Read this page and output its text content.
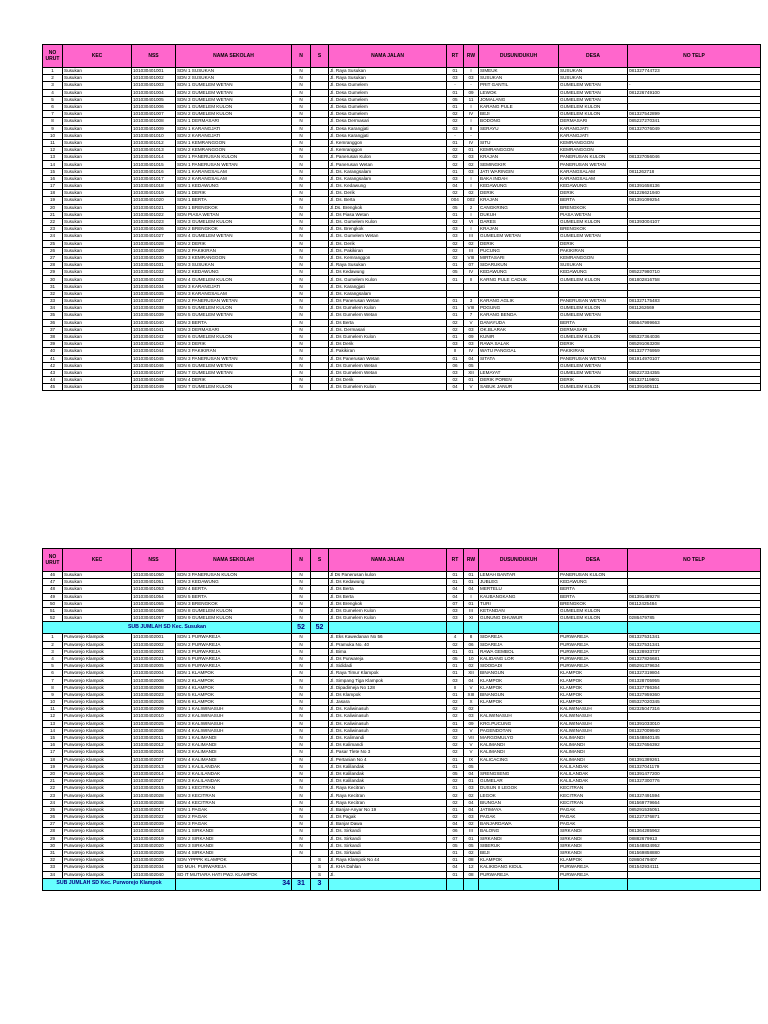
NO URUT	KEC	NSS	NAMA SEKOLAH	N	S	NAMA JALAN	RT	RW	DUSUN/DUKUH	DESA	NO TELP
1	Susukan	101030401001	SDN 1 SUSUKAN	N		Jl. Raya Susukan	01	I	SIMEUK	SUSUKAN	081327744723
2	Susukan	101030401002	SDN 2 SUSUKAN	N		Jl. Raya Susukan	03	03	SUSUKAN	SUSUKAN	
3	Susukan	101030401003	SDN 1 GUMELEM WETAN	N		Jl. Desa Gumelem	-	-	PRIT GANTIL	GUMELEM WETAN	-
4	Susukan	101030401004	SDN 2 GUMELEM WETAN	N		Jl. Desa Gumelem	01	09	LEWOK	GUMELEM WETAN	081226749100
5	Susukan	101030401005	SDN 3 GUMELEM WETAN	N		Jl. Desa Gumelem	05	11	JOMALANG	GUMELEM WETAN	
6	Susukan	101030401006	SDN 1 GUMELEM KULON	N		Jl. Desa Gumelem	01	I	KARANG PULE	GUMELEM KULON	
7	Susukan	101030401007	SDN 2 GUMELEM KULON	N		Jl. Desa Gumelem	02	IV	BEJI	GUMELEM KULON	081327542899
8	Susukan	101030401008	SDN 1 DERMASARI	N		Jl. Desa Dermasari	02	I	BODONG	DERMASARI	085227270341
9	Susukan	101030401009	SDN 1 KARANGJATI	N		Jl. Desa Karangjati	03	II	SERAYU	KARANGJATI	081327076049
10	Susukan	101030401010	SDN 2 KARANGJATI	N		Jl. Desa Karangjati	-	-		KARANGJATI	
11	Susukan	101030401012	SDN 1 KEMRANGGON	N		Jl. Kemranggon	01	IV	SITU	KEMRANGGON	
12	Susukan	101030401013	SDN 2 KEMRANGGON	N		Jl. Kemranggon	02	01	KEMRANGGON	KEMRANGGON	
13	Susukan	101030401014	SDN 1 PANERUSAN KULON	N		Jl. Panerusan Kulon	02	03	KRAJAN	PANERUSAN KULON	081327056046
14	Susukan	101030401015	SDN 1 PANERUSAN WETAN	N		Jl. Panerusan Wetan	02	02	SEMINGKIR	PANERUSAN WETAN	
15	Susukan	101030401016	SDN 1 KARANGSALAM	N		Jl. Ds. Karangsalam	01	03	JATI WARINGIN	KARANGSALAM	0811262718
16	Susukan	101030401017	SDN 2 KARANGSALAM	N		Jl. Ds. Karangsalam	03	I	BAKA INDAH	KARANGSALAM	
17	Susukan	101030401018	SDN 1 KEDAWUNG	N		Jl. Ds. Kedawung	04	I	KEDAWUNG	KEDAWUNG	081391658136
18	Susukan	101030401019	SDN 1 DERIK	N		Jl. Ds. Derik	02	02	DERIK	DERIK	081226621940
19	Susukan	101030401020	SDN 1 BERTA	N		Jl. Ds. Berta	004	002	KRAJAN	BERTA	081391099254
20	Susukan	101030401021	SDN 1 BRENGKOK	N		Jl.Ds. Brengkok	05	2	CANGKRING	BRENGKOK	
21	Susukan	101030401022	SDN PIASA WETAN	N		Jl. Ds Piasa Wetan	01	I	DUKUH	PIASA WETAN	
22	Susukan	101030401023	SDN 3 GUMELEM KULON	N		Jl. Ds. Gumelem Kulon	02	VI	DARES	GUMELEM KULON	081393004107
23	Susukan	101030401026	SDN 2 BRENGKOK	N		Jl. Ds. Brengkok	03	I	KRAJAN	BRENGKOK	
24	Susukan	101030401027	SDN 4 GUMELEM WETAN	N		Jl. Ds. Gumelem Wetan	03	III	GUMELEM WETAN	GUMELEM WETAN	
25	Susukan	101030401028	SDN 2 DERIK	N		Jl. Ds. Derik	02	02	DERIK	DERIK	
26	Susukan	101030401029	SDN 2 PAKIKIRAN	N		Jl. Ds. Pakikiran	02	III	PUCUNG	PAKIKIRAN	
27	Susukan	101030401030	SDN 3 KEMRANGGON	N		Jl. Ds. Kemranggon	02	VIII	MIRTASARI	KEMRANGGON	
28	Susukan	101030401031	SDN 3 SUSUKAN	N		Jl. Raya Susukan	01	07	SIDARUKUN	SUSUKAN	
29	Susukan	101030401032	SDN 2 KEDAWUNG	N		Jl. Ds Kedawung	05	IV	KEDAWUNG	KEDAWUNG	085227980710
30	Susukan	101030401033	SDN 4 GUMELEM KULON	N		Jl. Ds. Gumelem Kulon	01	II	KARNG PULE CADUK	GUMELEM KULON	081802816758
31	Susukan	101030401034	SDN 3 KARANGJATI	N		Jl. Ds. Karangjati					
32	Susukan	101030401035	SDN 3 KARANGSALAM	N		Jl. Ds. Karangsalam					
33	Susukan	101030401037	SDN 2 PANERUSAN WETAN	N		Jl. Ds Panerusan Wetan	01	3	KARANG AGLIK	PANERUSAN WETAN	081327175483
34	Susukan	101030401038	SDN 5 GUMELEM KULON	N		Jl. Ds Gumelem Kulon	01	VIII	PDGUNG	GUMELEM KULON	0811262669
35	Susukan	101030401039	SDN 5 GUMELEM WETAN	N		Jl. Ds Gumelem Wetan	01	7	KARANG BENDA	GUMELEM WETAN	
36	Susukan	101030401040	SDN 3 BERTA	N		Jl. Ds Berta	02	V	DANAYUDA	BERTA	085647999663
37	Susukan	101030401041	SDN 3 DERMASARI	N		Jl. Ds. Dermasari	02	03	OK.BLARAK	DERMASARI	
38	Susukan	101030401042	SDN 6 GUMELEM KULON	N		Jl. Ds Gumelem Kulon	01	09	KUNIR	GUMELEM KULON	085327364036
39	Susukan	101030401043	SDN 3 DERIK	N		Jl. Ds Derik	03	03	RAWA SALAK	DERIK	085291063208
40	Susukan	101030401044	SDN 3 PAKIKIRAN	N		Jl. Pakikiran	II	IV	WATU PANGGAL	PAKIKIRAN	081327776959
41	Susukan	101030401045	SDN 3 PANERUSAN WETAN	N		Jl. Ds Panerusan Wetan	01	04	SITATA	PANERUSAN WETAN	081914970107
42	Susukan	101030401046	SDN 6 GUMELEM WETAN	N		Jl. Ds Gumelem Wetan	06	05		GUMELEM WETAN	
43	Susukan	101030401047	SDN 7 GUMELEM WETAN	N		Jl. Ds Gumelem Wetan	03	XII	LEMAYAT	GUMELEM WETAN	085227334355
44	Susukan	101030401048	SDN 4 DERIK	N		Jl. Ds Derik	02	01	DERIK POREN	DERIK	081327119801
45	Susukan	101030401049	SDN 7 GUMELEM KULON	N		Jl. Ds Gumelem Kulon	04	V	SABUK JANUR	GUMELEM KULON	081391605111
NO URUT	KEC	NSS	NAMA SEKOLAH	N	S	NAMA JALAN	RT	RW	DUSUN/DUKUH	DESA	NO TELP
46	Susukan	101030401050	SDN 3 PANERUSAN KULON	N		Jl Ds Panerusan kulon	01	01	LEMAH BANTAR	PANERUSAN KULON	
47	Susukan	101030401051	SDN 3 KEDAWUNG	N		Jl. Ds Kedawung	01	01	JUBLEG	KEDAWUNG	
48	Susukan	101030401053	SDN 4 BERTA	N		Jl. Ds Berta	04	04	MERTELU	BERTA	
49	Susukan	101030401054	SDN 5 BERTA	N		Jl. Ds Berta	04	I	KAUBANGKANG	BERTA	081391489278
50	Susukan	101030401055	SDN 3 BRENGKOK	N		Jl. Ds Brengkok	07	01	TURI	BRENGKOK	08112425484
51	Susukan	101030401056	SDN 8 GUMELEM KULON	N		Jl. Ds Gumelem Kulon	03	III	KETANDAN	GUMELEM KULON	
52	Susukan	101030401057	SDN 9 GUMELEM KULON	N		Jl. Ds Gumelem Kulon	03	XI	GUNUNG DHUWUR	GUMELEM KULON	0286479785
SUB JUMLAH SD Kec. Susukan				52	52						
1	Purworejo Klampok	101030402001	SDN 1 PURWAREJA	N		Jl. Eks Kawedanan No 56	4	8	SIDAREJA	PURWAREJA	081327531341
2	Purworejo Klampok	101030402002	SDN 2 PURWAREJA	N		Jl. Pramuka No. 40	02	06	SIDAREJA	PURWAREJA	081327531341
3	Purworejo Klampok	101030402003	SDN 3 PURWAREJA	N		Jl. Bima	01	01	RAWA GEMBOL	PURWAREJA	081328933737
4	Purworejo Klampok	101030402021	SDN 5 PURWAREJA	N		Jl. Ds Purwareja	05	10	KALIDANG LOR	PURWAREJA	081327826681
5	Purworejo Klampok	101030402005	SDN 6 PURWAREJA	N		Jl. Sididadi	01	02	SIDODADI	PURWAREJA	085291379634
6	Purworejo Klampok	101030402004	SDN 1 KLAMPOK	N		Jl. Raya Timur Klampok	01	XII	BINANGUN	KLAMPOK	081327319804
7	Purworejo Klampok	101030402006	SDN 2 KLAMPOK	N		Jl. Simpang Tiga Klampok	03	04	KLAMPOK	KLAMPOK	081328705955
8	Purworejo Klampok	101030402008	SDN 4 KLAMPOK	N		Jl. Dipadimeja No 128	II	V	KLAMPOK	KLAMPOK	081327786364
9	Purworejo Klampok	101030402023	SDN 5 KLAMPOK	N		Jl. Ds Klampok	01	XIII	BINANGUN	KLAMPOK	081327959360
10	Purworejo Klampok	101030402026	SDN 6 KLAMPOK	N		Jl. Jasara	02	X	KLAMPOK	KLAMPOK	085327020345
11	Purworejo Klampok	101030402009	SDN 1 KALIWINASUH	N		Jl. Ds. Kaliwinasuh	02	02		KALIWINASUH	082325047316
12	Purworejo Klampok	101030402010	SDN 2 KALIWINASUH	N		Jl. Ds. Kaliwinasuh	02	03	KALIWINASUH	KALIWINASUH	
13	Purworejo Klampok	101030402025	SDN 3 KALIWINASUH	N		Jl. Ds. Kaliwinasuh	01	09	KRG.PUCUNG	KALIWINASUH	081391033010
14	Purworejo Klampok	101030402036	SDN 4 KALIWINASUH	N		Jl. Ds. Kaliwinasuh	03	V	PAGENDOTAN	KALIWINASUH	081327009940
15	Purworejo Klampok	101030402011	SDN 1 KALIMANDI	N		Jl. Ds. Kalimandi	02	VII	MARGOMULYO	KALIMANDI	081548840145
16	Purworejo Klampok	101030402012	SDN 2 KALIMANDI	N		Jl. Ds Kalimandi	02	V	KALIMANDI	KALIMANDI	081327656392
17	Purworejo Klampok	101030402024	SDN 3 KALIMANDI	N		Jl. Pasar Tlete No 3	02	V	KALIMANDI	KALIMANDI	
18	Purworejo Klampok	101030402037	SDN 4 KALIMANDI	N		Jl. Pertanian No 4	01	IX	KALICACING	KALIMANDI	081391389261
19	Purworejo Klampok	101030402013	SDN 1 KALILANDAK	N		Jl. Ds Kalilandak	01	05		KALILANDAK	081327041179
20	Purworejo Klampok	101030402014	SDN 2 KALILANDAK	N		Jl. Ds Kalilandak	05	04	SRENGSENG	KALILANDAK	081391477200
21	Purworejo Klampok	101030402027	SDN 3 KALILANDAK	N		Jl. Ds Kalilandak	02	01	GUMELAR	KALILANDAK	081327300776
22	Purworejo Klampok	101030402015	SDN 1 KECITRAN	N		Jl. Raya Kecitran	01	03	DUSUN II LEGOK	KECITRAN	
23	Purworejo Klampok	101030402028	SDN 3 KECITRAN	N		Jl. Raya Kecitran	02	02	LEGOK	KECITRAN	081327491594
24	Purworejo Klampok	101030402038	SDN 4 KECITRAN	N		Jl. Raya Kecitran	02	04	BIUNGAN	KECITRAN	081569779664
25	Purworejo Klampok	101030402017	SDN 1 PAGAK	N		Jl. Banjar-Anyar No 19	01	04	JATIMAYA	PAGAK	085291535051
26	Purworejo Klampok	101030402022	SDN 2 PAGAK	N		Jl. Ds Pagak	02	03	PAGAK	PAGAK	081227376871
27	Purworejo Klampok	101030402039	SDN 3 PAGAK	N		Jl. Banjar Dawa	04	02	BANJARDAWA	PAGAK	
28	Purworejo Klampok	101030402018	SDN 1 SIRKANDI	N		Jl. Ds. Sirkandi	06	III	BALONG	SIRKANDI	081364285962
29	Purworejo Klampok	101030402019	SDN 2 SIRKANDI	N		Jl. Ds. Sirkandi	07	01	SIRKANDI	SIRKANDI	08882679913
30	Purworejo Klampok	101030402020	SDN 3 SIRKANDI	N		Jl. Ds. Sirkandi	05	05	SIBERUK	SIRKANDI	081548834952
31	Purworejo Klampok	101030402029	SDN 4 SIRKANDI	N		Jl. Ds. Sirkandi	01	02	BEJI	SIRKANDI	081569858880
32	Purworejo Klampok	101030402030	SDN YPPPK KLAMPOK		S	Jl. Raya Klampok No 44	01	08	KLAMPOK	KLAMPOK	02860479407
33	Purworejo Klampok	101030402034	SD MUH. PURWAREJA		S	Jl. KHA Dahlan	04	12	KALIKIDANG KIDUL	PURWAREJA	081542934111
34	Purworejo Klampok	101030402040	SD IT MUTIARA HATI PWJ. KLAMPOK		S	Jl.	01	08	PURWAREJA	PURWAREJA	
SUB JUMLAH SD Kec. Purworejo Klampok			34	31	3						
